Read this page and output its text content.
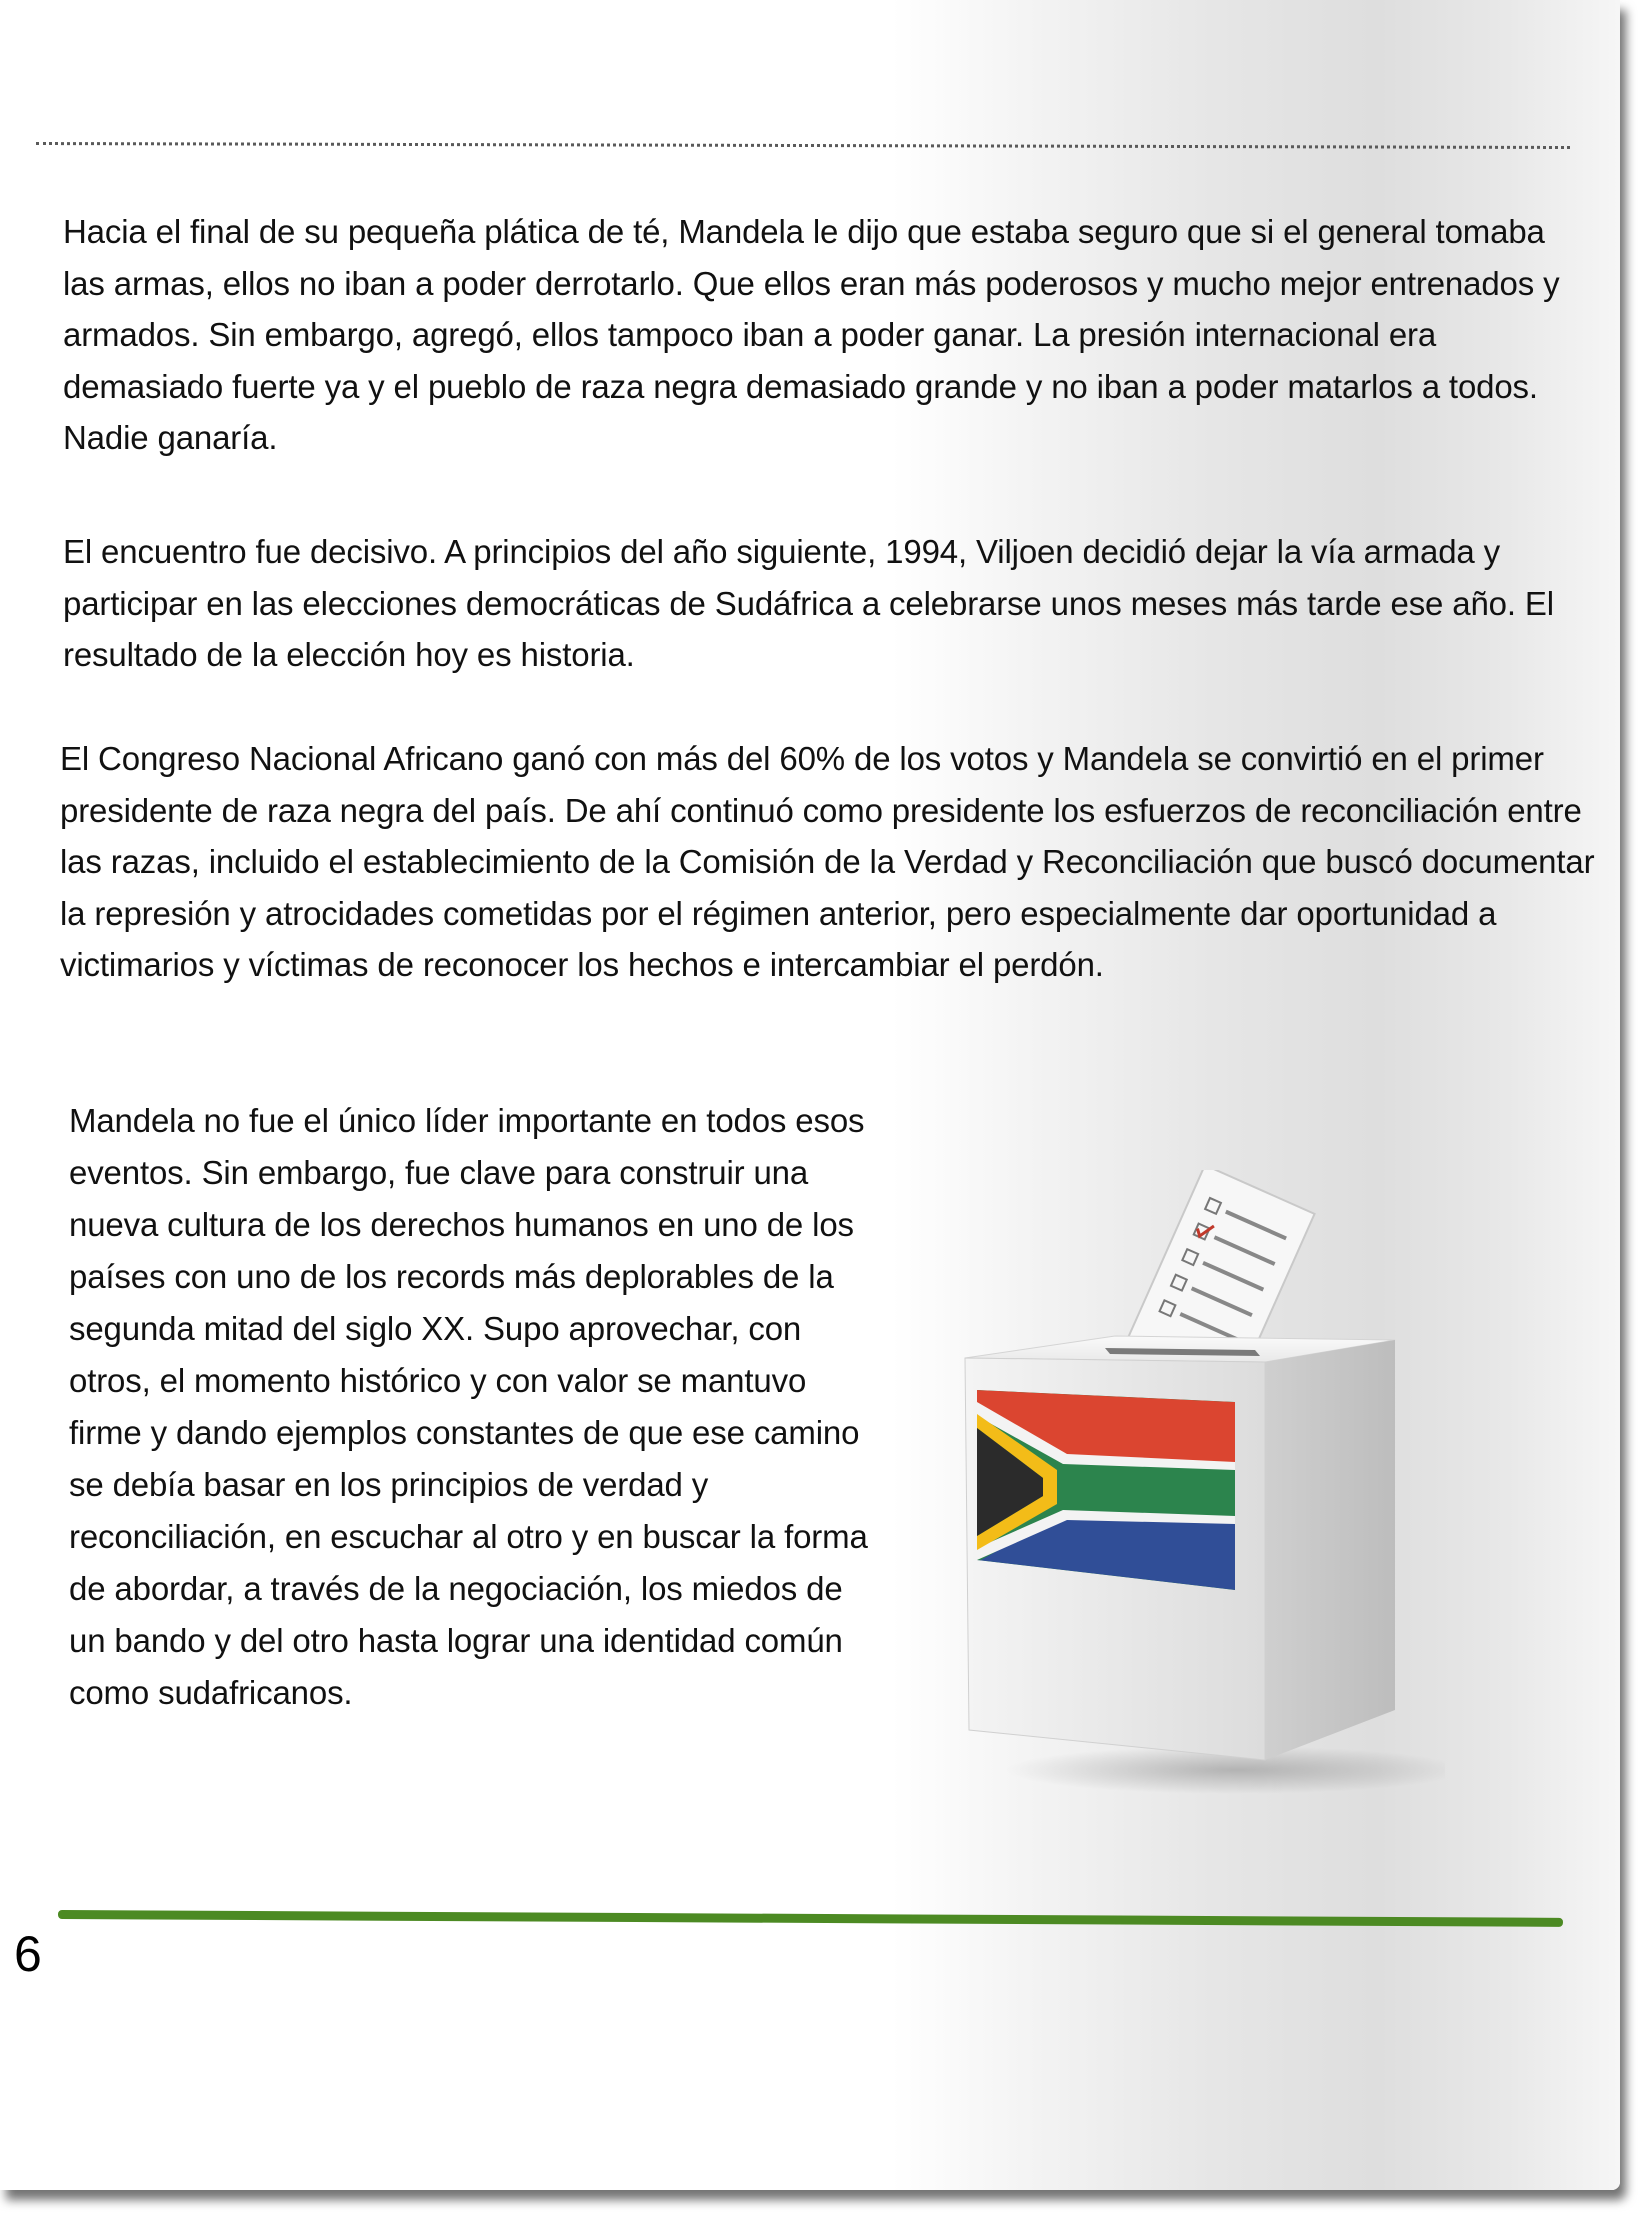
Hacia el final de su pequeña plática de té, Mandela le dijo que estaba seguro que si el general tomaba las armas, ellos no iban a poder derrotarlo. Que ellos eran más poderosos y mucho mejor entrenados y armados. Sin embargo, agregó, ellos tampoco iban a poder ganar. La presión internacional era demasiado fuerte ya y el pueblo de raza negra demasiado grande y no iban a poder matarlos a todos. Nadie ganaría.

El encuentro fue decisivo. A principios del año siguiente, 1994, Viljoen decidió dejar la vía armada y participar en las elecciones democráticas de Sudáfrica a celebrarse unos meses más tarde ese año. El resultado de la elección hoy es historia.

El Congreso Nacional Africano ganó con más del 60% de los votos y Mandela se convirtió en el primer presidente de raza negra del país. De ahí continuó como presidente los esfuerzos de reconciliación entre las razas, incluido el establecimiento de la Comisión de la Verdad y Reconciliación que buscó documentar la represión y atrocidades cometidas por el régimen anterior, pero especialmente dar oportunidad a victimarios y víctimas de reconocer los hechos e intercambiar el perdón.

Mandela no fue el único líder importante en todos esos eventos. Sin embargo, fue clave para construir una nueva cultura de los derechos humanos en uno de los países con uno de los records más deplorables de la segunda mitad del siglo XX. Supo aprovechar, con otros, el momento histórico y con valor se mantuvo firme y dando ejemplos constantes de que ese camino se debía basar en los principios de verdad y reconciliación, en escuchar al otro y en buscar la forma de abordar, a través de la negociación, los miedos de un bando y del otro hasta lograr una identidad común como sudafricanos.

6
